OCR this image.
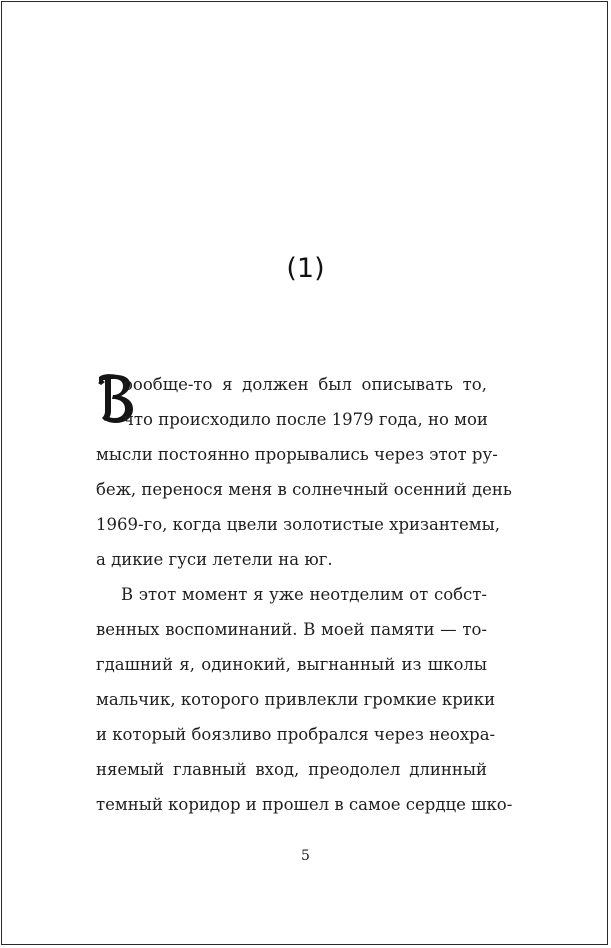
(1)
оообще-то я должен был описывать то,
что происходило после 1979 года, но мои
мысли постоянно прорывались через этот ру-
беж, перенося меня в солнечный осенний день
1969-го, когда цвели золотистые хризантемы,
а дикие гуси летели на юг.
В этот момент я уже неотделим от собст-
венных воспоминаний. В моей памяти — то-
гдашний я, одинокий, выгнанный из школы
мальчик, которого привлекли громкие крики
и который боязливо пробрался через неохра-
няемый главный вход, преодолел длинный
темный коридор и прошел в самое сердце шко-
5
